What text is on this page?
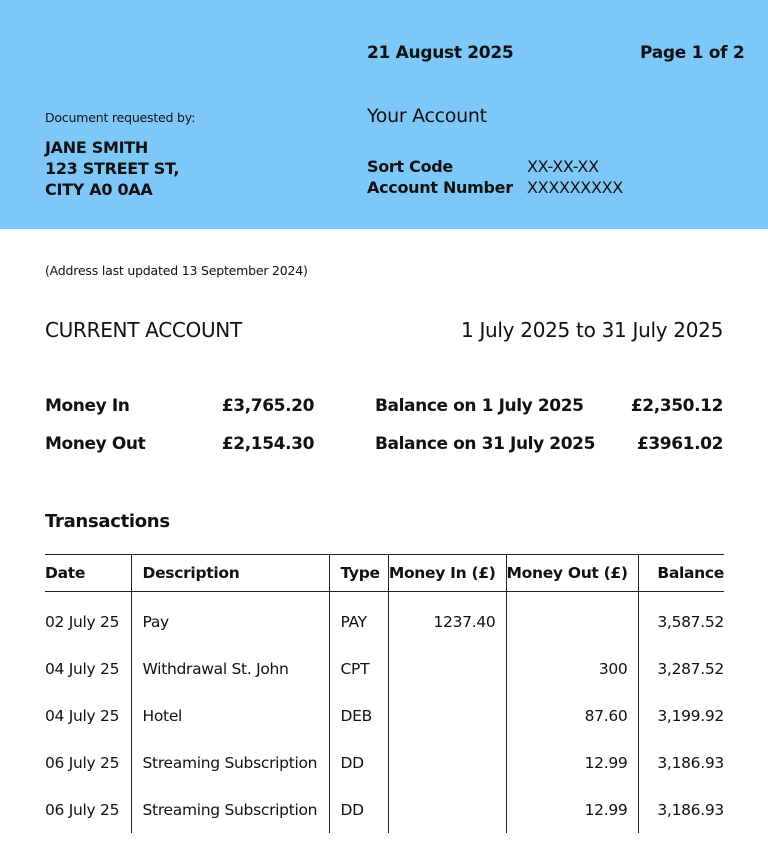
21 August 2025	Page 1 of 2
Document requested by:
JANE SMITH
123 STREET ST,
CITY A0 0AA
Your Account
Sort Code	XX-XX-XX
Account Number XXXXXXXXX
(Address last updated 13 September 2024)
CURRENT ACCOUNT	1 July 2025 to 31 July 2025
Money In	£3,765.20
Money Out	£2,154.30
Balance on 1 July 2025	£2,350.12
Balance on 31 July 2025 £3961.02
Transactions
Date	Description	Type	Money In (£)	Money Out (£)	Balance
02 July 25	Pay	PAY	1237.40		3,587.52
04 July 25	Withdrawal St. John	CPT		300	3,287.52
04 July 25	Hotel	DEB		87.60	3,199.92
06 July 25	Streaming Subscription	DD		12.99	3,186.93
06 July 25	Streaming Subscription	DD		12.99	3,186.93
